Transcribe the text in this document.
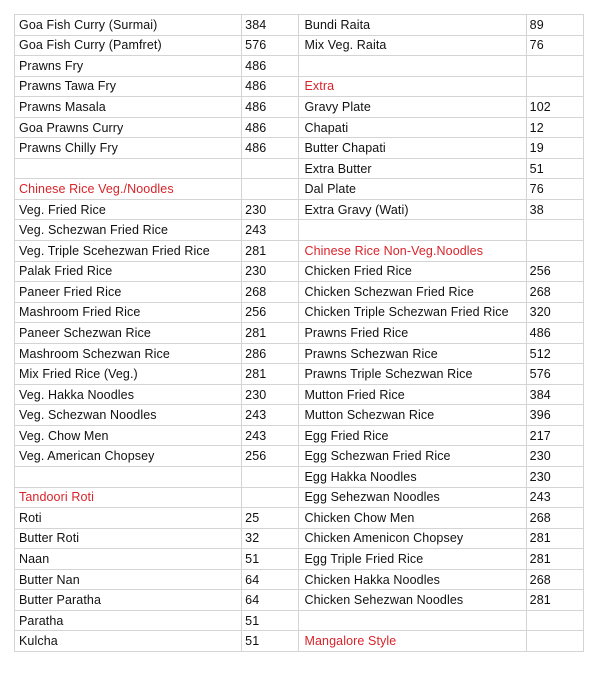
Goa Fish Curry (Surmai)	384	Bundi Raita	89
Goa Fish Curry (Pamfret)	576	Mix Veg. Raita	76
Prawns Fry	486		
Prawns Tawa Fry	486	Extra	
Prawns Masala	486	Gravy Plate	102
Goa Prawns Curry	486	Chapati	12
Prawns Chilly Fry	486	Butter Chapati	19
		Extra Butter	51
Chinese Rice Veg./Noodles		Dal Plate	76
Veg. Fried Rice	230	Extra Gravy (Wati)	38
Veg. Schezwan Fried Rice	243		
Veg. Triple Scehezwan Fried Rice	281	Chinese Rice Non-Veg.Noodles	
Palak Fried Rice	230	Chicken Fried Rice	256
Paneer Fried Rice	268	Chicken Schezwan Fried Rice	268
Mashroom Fried Rice	256	Chicken Triple Schezwan Fried Rice	320
Paneer Schezwan Rice	281	Prawns Fried Rice	486
Mashroom Schezwan Rice	286	Prawns Schezwan Rice	512
Mix Fried Rice (Veg.)	281	Prawns Triple Schezwan Rice	576
Veg. Hakka Noodles	230	Mutton Fried Rice	384
Veg. Schezwan Noodles	243	Mutton Schezwan Rice	396
Veg. Chow Men	243	Egg Fried Rice	217
Veg. American Chopsey	256	Egg Schezwan Fried Rice	230
		Egg Hakka Noodles	230
Tandoori Roti		Egg Sehezwan Noodles	243
Roti	25	Chicken Chow Men	268
Butter Roti	32	Chicken Amenicon Chopsey	281
Naan	51	Egg Triple Fried Rice	281
Butter Nan	64	Chicken Hakka Noodles	268
Butter Paratha	64	Chicken Sehezwan Noodles	281
Paratha	51		
Kulcha	51	Mangalore Style	
